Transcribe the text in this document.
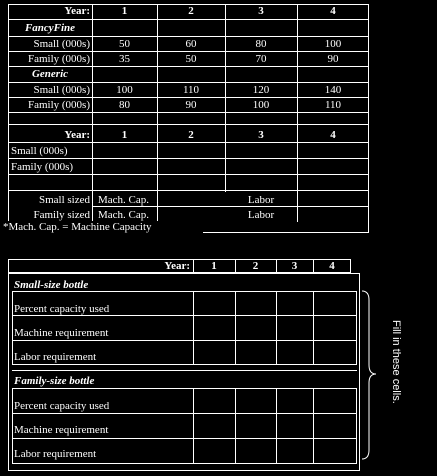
Year:	1	2	3	4
FancyFine
Small (000s)	50	60	80	100
Family (000s)	35	50	70	90
Generic
Small (000s)	100	110	120	140
Family (000s)	80	90	100	110
Year:	1	2	3	4
Small (000s)
Family (000s)
Small sized Mach. Cap.	Labor
Family sized Mach. Cap.	Labor
*Mach. Cap. = Machine Capacity
Year:	1	2	3	4
Small-size bottle
Percent capacity used
Machine requirement
Labor requirement
Family-size bottle
Percent capacity used
Machine requirement
Labor requirement
Fill in these cells.
